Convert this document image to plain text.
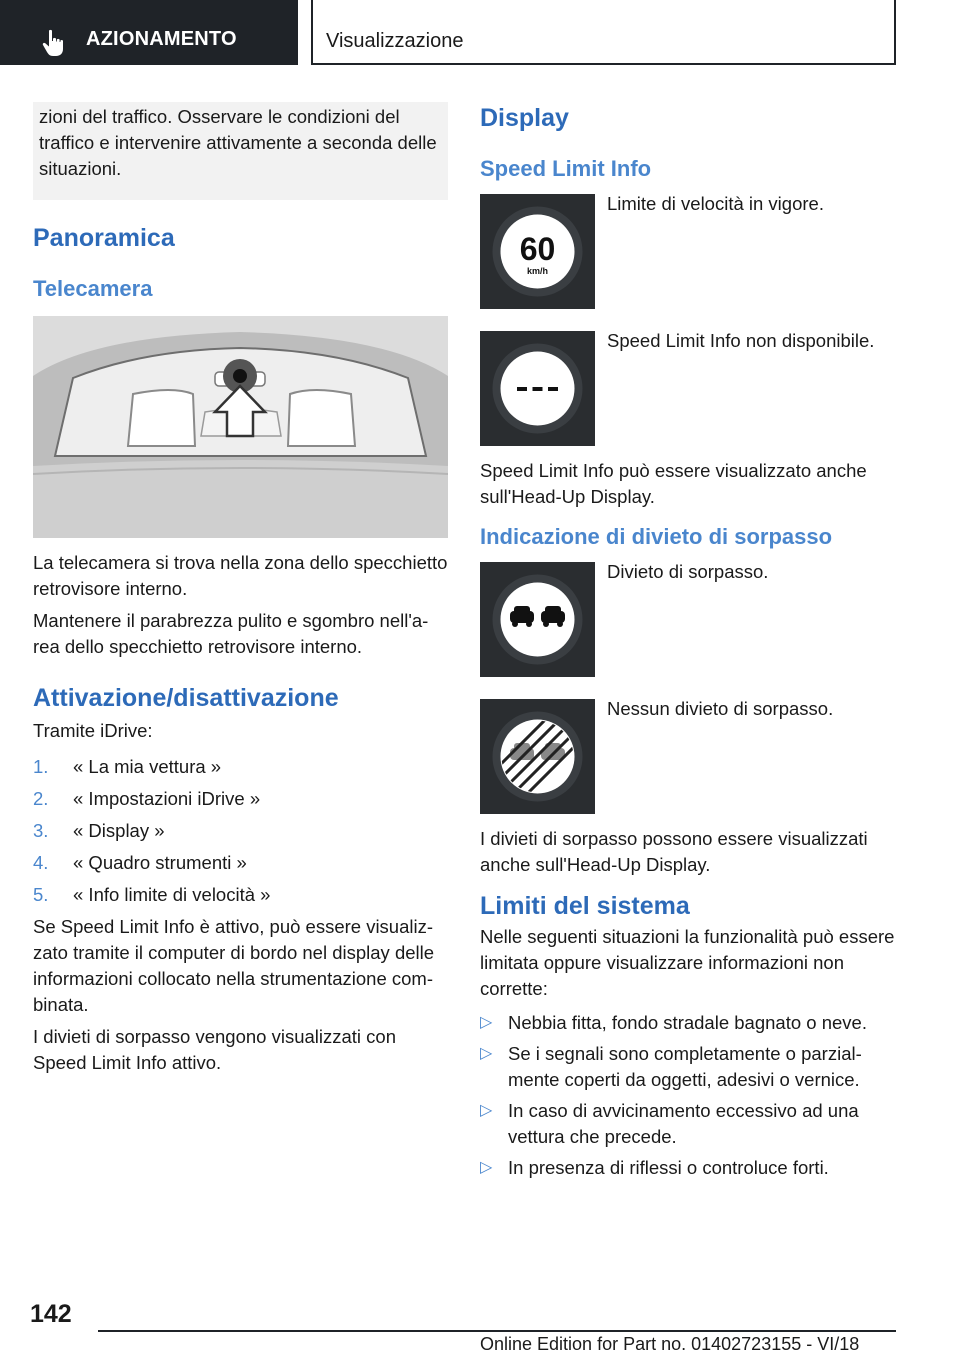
AZIONAMENTO	Visualizzazione

zioni del traffico. Osservare le condizioni del traffico e intervenire attivamente a seconda delle situazioni.

Panoramica
Telecamera

La telecamera si trova nella zona dello specchietto retrovisore interno.

Mantenere il parabrezza pulito e sgombro nell'area dello specchietto retrovisore interno.

Attivazione/disattivazione

Tramite iDrive:

1.	« La mia vettura »
2.	« Impostazioni iDrive »
3.	« Display »
4.	« Quadro strumenti »
5.	« Info limite di velocità »

Se Speed Limit Info è attivo, può essere visualizzato tramite il computer di bordo nel display delle informazioni collocato nella strumentazione combinata.

I divieti di sorpasso vengono visualizzati con Speed Limit Info attivo.

Display
Speed Limit Info
60
km/h

Limite di velocità in vigore.

Speed Limit Info non disponibile.

Speed Limit Info può essere visualizzato anche sull'Head-Up Display.

Indicazione di divieto di sorpasso

Divieto di sorpasso.

Nessun divieto di sorpasso.

I divieti di sorpasso possono essere visualizzati anche sull'Head-Up Display.

Limiti del sistema

Nelle seguenti situazioni la funzionalità può essere limitata oppure visualizzare informazioni non corrette:

▷ Nebbia fitta, fondo stradale bagnato o neve.
▷ Se i segnali sono completamente o parzialmente coperti da oggetti, adesivi o vernice.
▷ In caso di avvicinamento eccessivo ad una vettura che precede.
▷ In presenza di riflessi o controluce forti.
142
Online Edition for Part no. 01402723155 - VI/18
